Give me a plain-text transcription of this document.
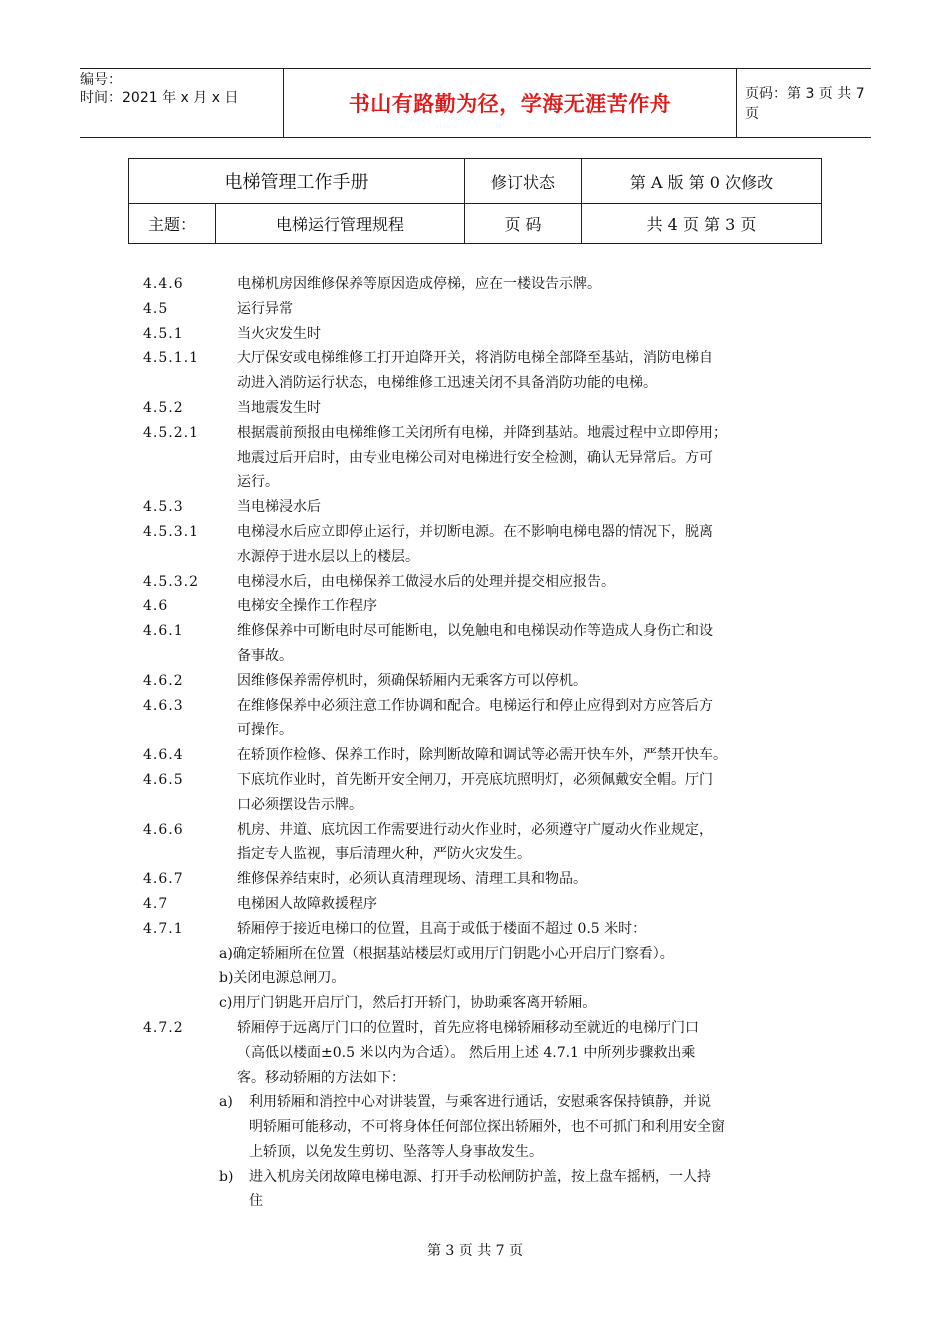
编号：
时间：2021 年 x 月 x 日	书山有路勤为径，学海无涯苦作舟	页码：第 3 页 共 7 页
电梯管理工作手册		修订状态	第 A 版 第 0 次修改
主题：	电梯运行管理规程	页 码	共 4 页 第 3 页
4.4.6	电梯机房因维修保养等原因造成停梯，应在一楼设告示牌。
4.5	运行异常
4.5.1	当火灾发生时
4.5.1.1	大厅保安或电梯维修工打开迫降开关，将消防电梯全部降至基站，消防电梯自
动进入消防运行状态，电梯维修工迅速关闭不具备消防功能的电梯。
4.5.2	当地震发生时
4.5.2.1	根据震前预报由电梯维修工关闭所有电梯，并降到基站。地震过程中立即停用；
地震过后开启时，由专业电梯公司对电梯进行安全检测，确认无异常后。方可
运行。
4.5.3	当电梯浸水后
4.5.3.1	电梯浸水后应立即停止运行，并切断电源。在不影响电梯电器的情况下，脱离
水源停于进水层以上的楼层。
4.5.3.2	电梯浸水后，由电梯保养工做浸水后的处理并提交相应报告。
4.6	电梯安全操作工作程序
4.6.1	维修保养中可断电时尽可能断电，以免触电和电梯误动作等造成人身伤亡和设
备事故。
4.6.2	因维修保养需停机时，须确保轿厢内无乘客方可以停机。
4.6.3	在维修保养中必须注意工作协调和配合。电梯运行和停止应得到对方应答后方
可操作。
4.6.4	在轿顶作检修、保养工作时，除判断故障和调试等必需开快车外，严禁开快车。
4.6.5	下底坑作业时，首先断开安全闸刀，开亮底坑照明灯，必须佩戴安全帽。厅门
口必须摆设告示牌。
4.6.6	机房、井道、底坑因工作需要进行动火作业时，必须遵守广厦动火作业规定，
指定专人监视，事后清理火种，严防火灾发生。
4.6.7	维修保养结束时，必须认真清理现场、清理工具和物品。
4.7	电梯困人故障救援程序
4.7.1	轿厢停于接近电梯口的位置，且高于或低于楼面不超过 0.5 米时：
a)确定轿厢所在位置（根据基站楼层灯或用厅门钥匙小心开启厅门察看）。
b)关闭电源总闸刀。
c)用厅门钥匙开启厅门，然后打开轿门，协助乘客离开轿厢。
4.7.2	轿厢停于远离厅门口的位置时，首先应将电梯轿厢移动至就近的电梯厅门口
（高低以楼面±0.5 米以内为合适）。 然后用上述 4.7.1 中所列步骤救出乘
客。移动轿厢的方法如下：
a) 利用轿厢和消控中心对讲装置，与乘客进行通话，安慰乘客保持镇静，并说
明轿厢可能移动，不可将身体任何部位探出轿厢外，也不可抓门和利用安全窗
上轿顶，以免发生剪切、坠落等人身事故发生。
b) 进入机房关闭故障电梯电源、打开手动松闸防护盖，按上盘车摇柄，一人持
住
第 3 页 共 7 页
